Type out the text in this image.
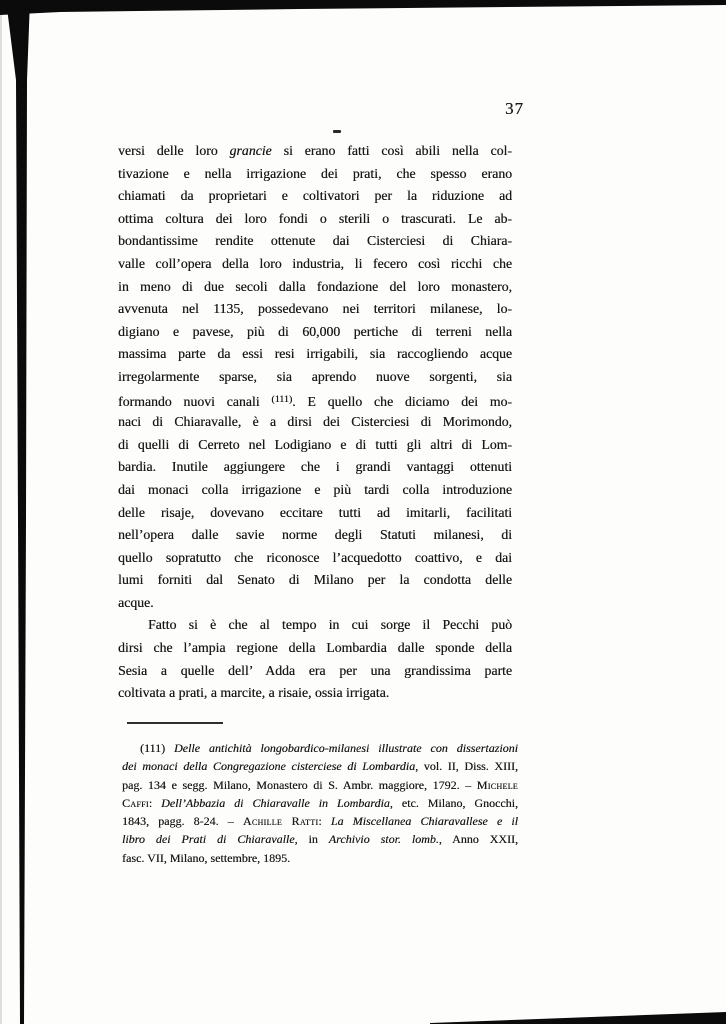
37
versi delle loro grancie si erano fatti così abili nella col-
tivazione e nella irrigazione dei prati, che spesso erano
chiamati da proprietari e coltivatori per la riduzione ad
ottima coltura dei loro fondi o sterili o trascurati. Le ab-
bondantissime rendite ottenute dai Cisterciesi di Chiara-
valle coll’opera della loro industria, li fecero così ricchi che
in meno di due secoli dalla fondazione del loro monastero,
avvenuta nel 1135, possedevano nei territori milanese, lo-
digiano e pavese, più di 60,000 pertiche di terreni nella
massima parte da essi resi irrigabili, sia raccogliendo acque
irregolarmente sparse, sia aprendo nuove sorgenti, sia
formando nuovi canali $^{(111)}$. E quello che diciamo dei mo-
naci di Chiaravalle, è a dirsi dei Cisterciesi di Morimondo,
di quelli di Cerreto nel Lodigiano e di tutti gli altri di Lom-
bardia. Inutile aggiungere che i grandi vantaggi ottenuti
dai monaci colla irrigazione e più tardi colla introduzione
delle risaje, dovevano eccitare tutti ad imitarli, facilitati
nell’opera dalle savie norme degli Statuti milanesi, di
quello sopratutto che riconosce l’acquedotto coattivo, e dai
lumi forniti dal Senato di Milano per la condotta delle
acque.
Fatto si è che al tempo in cui sorge il Pecchi può
dirsi che l’ampia regione della Lombardia dalle sponde della
Sesia a quelle dell’ Adda era per una grandissima parte
coltivata a prati, a marcite, a risaie, ossia irrigata.
(111) Delle antichità longobardico-milanesi illustrate con dissertazioni
dei monaci della Congregazione cisterciese di Lombardia, vol. II, Diss. XIII,
pag. 134 e segg. Milano, Monastero di S. Ambr. maggiore, 1792. – Michele
Caffi: Dell’Abbazia di Chiaravalle in Lombardia, etc. Milano, Gnocchi,
1843, pagg. 8-24. – Achille Ratti: La Miscellanea Chiaravallese e il
libro dei Prati di Chiaravalle, in Archivio stor. lomb., Anno XXII,
fasc. VII, Milano, settembre, 1895.
